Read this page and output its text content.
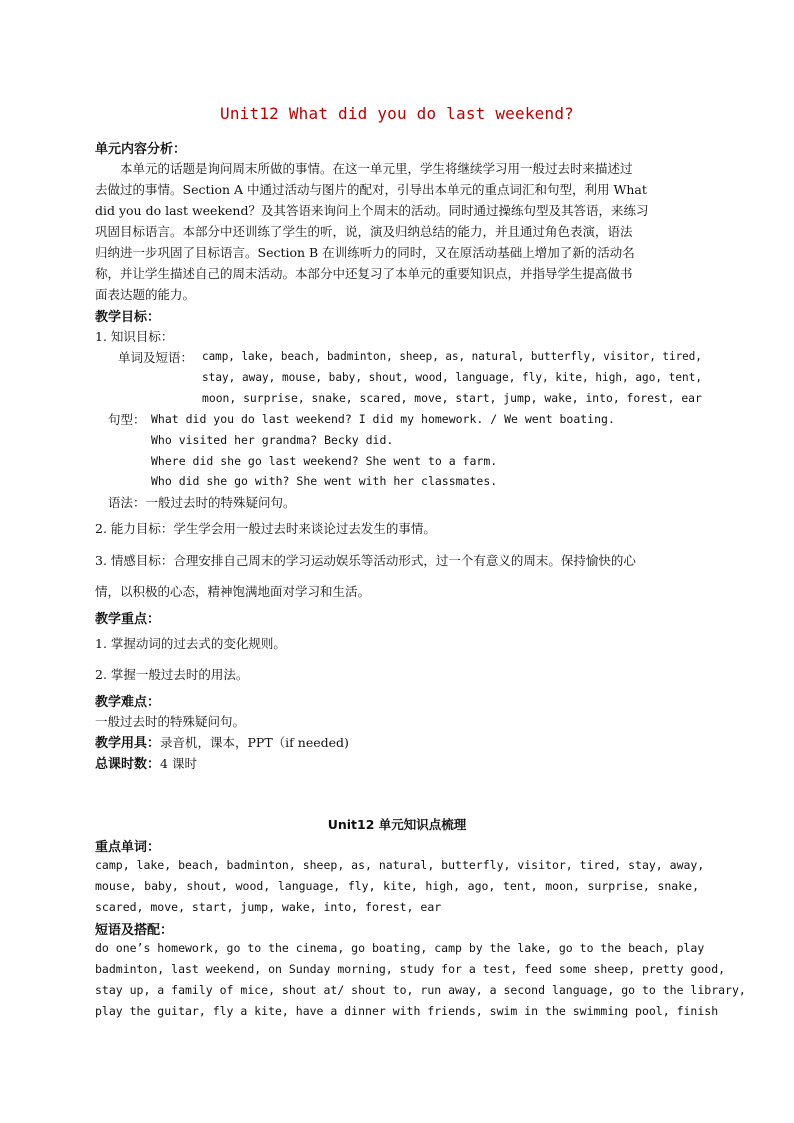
Unit12 What did you do last weekend?
单元内容分析：
本单元的话题是询问周末所做的事情。在这一单元里，学生将继续学习用一般过去时来描述过
去做过的事情。Section A 中通过活动与图片的配对，引导出本单元的重点词汇和句型，利用 What
did you do last weekend？及其答语来询问上个周末的活动。同时通过操练句型及其答语，来练习
巩固目标语言。本部分中还训练了学生的听，说，演及归纳总结的能力，并且通过角色表演，语法
归纳进一步巩固了目标语言。Section B 在训练听力的同时，又在原活动基础上增加了新的活动名
称，并让学生描述自己的周末活动。本部分中还复习了本单元的重要知识点，并指导学生提高做书
面表达题的能力。
教学目标：
1. 知识目标：
单词及短语： camp, lake, beach, badminton, sheep, as, natural, butterfly, visitor, tired,
stay, away, mouse, baby, shout, wood, language, fly, kite, high, ago, tent,
moon, surprise, snake, scared, move, start, jump, wake, into, forest, ear
句型： What did you do last weekend? I did my homework. / We went boating.
Who visited her grandma? Becky did.
Where did she go last weekend? She went to a farm.
Who did she go with? She went with her classmates.
语法：一般过去时的特殊疑问句。
2. 能力目标：学生学会用一般过去时来谈论过去发生的事情。
3. 情感目标：合理安排自己周末的学习运动娱乐等活动形式，过一个有意义的周末。保持愉快的心
情，以积极的心态，精神饱满地面对学习和生活。
教学重点：
1. 掌握动词的过去式的变化规则。
2. 掌握一般过去时的用法。
教学难点：
一般过去时的特殊疑问句。
教学用具：录音机，课本，PPT（if needed)
总课时数：4 课时
Unit12 单元知识点梳理
重点单词：
camp, lake, beach, badminton, sheep, as, natural, butterfly, visitor, tired, stay, away,
mouse, baby, shout, wood, language, fly, kite, high, ago, tent, moon, surprise, snake,
scared, move, start, jump, wake, into, forest, ear
短语及搭配：
do one’s homework, go to the cinema, go boating, camp by the lake, go to the beach, play
badminton, last weekend, on Sunday morning, study for a test, feed some sheep, pretty good,
stay up, a family of mice, shout at/ shout to, run away, a second language, go to the library,
play the guitar, fly a kite, have a dinner with friends, swim in the swimming pool, finish
